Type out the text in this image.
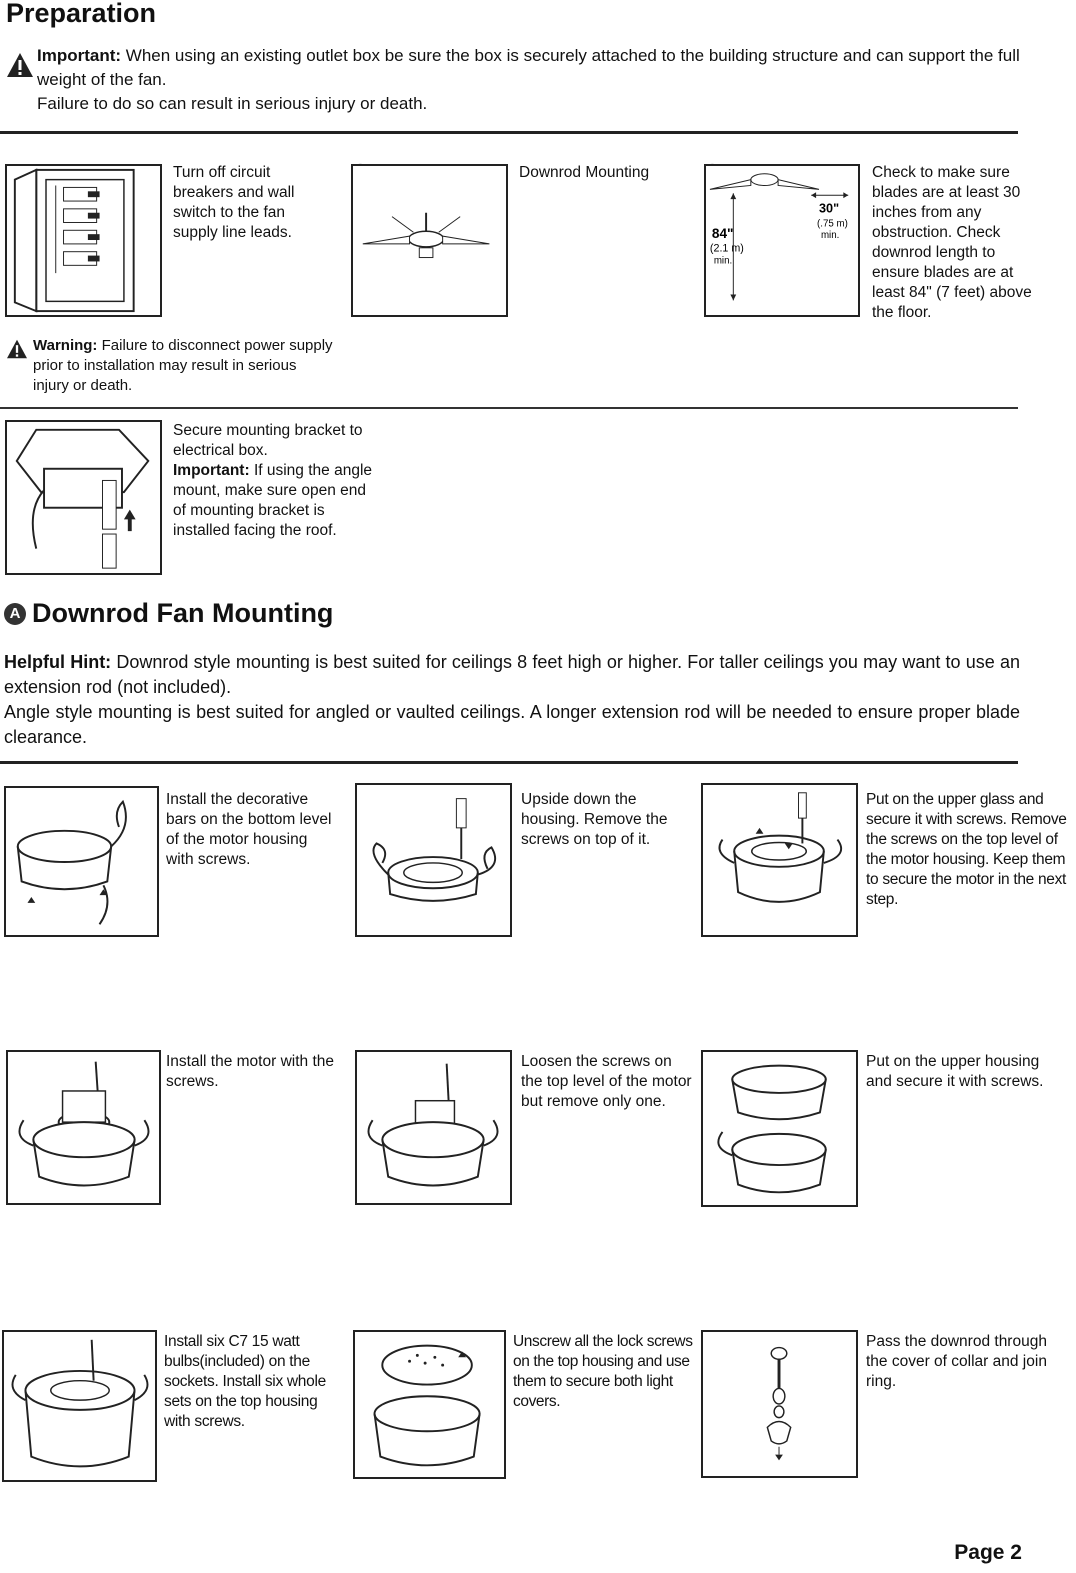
Preparation
Important: When using an existing outlet box be sure the box is securely attached to the building structure and can support the full weight of the fan.
Failure to do so can result in serious injury or death.
Turn off circuit breakers and wall switch to the fan supply line leads.
Downrod Mounting
30"
(.75 m)
min.
84"
(2.1 m)
min.
Check to make sure blades are at least 30 inches from any obstruction. Check downrod length to ensure blades are at least 84" (7 feet) above the floor.
Warning: Failure to disconnect power supply prior to installation may result in serious injury or death.
Secure mounting bracket to electrical box.
Important: If using the angle mount, make sure open end of mounting bracket is installed facing the roof.
A Downrod Fan Mounting
Helpful Hint: Downrod style mounting is best suited for ceilings 8 feet high or higher. For taller ceilings you may want to use an extension rod (not included).
Angle style mounting is best suited for angled or vaulted ceilings. A longer extension rod will be needed to ensure proper blade clearance.
Install the decorative bars on the bottom level of the motor housing with screws.
Upside down the housing. Remove the screws on top of it.
Put on the upper glass and secure it with screws. Remove the screws on the top level of the motor housing. Keep them to secure the motor in the next step.
Install the motor with the screws.
Loosen the screws on the top level of the motor but remove only one.
Put on the upper housing and secure it with screws.
Install six C7 15 watt bulbs(included) on the sockets. Install six whole sets on the top housing with screws.
Unscrew all the lock screws on the top housing and use them to secure both light covers.
Pass the downrod through the cover of collar and join ring.
Page 2
